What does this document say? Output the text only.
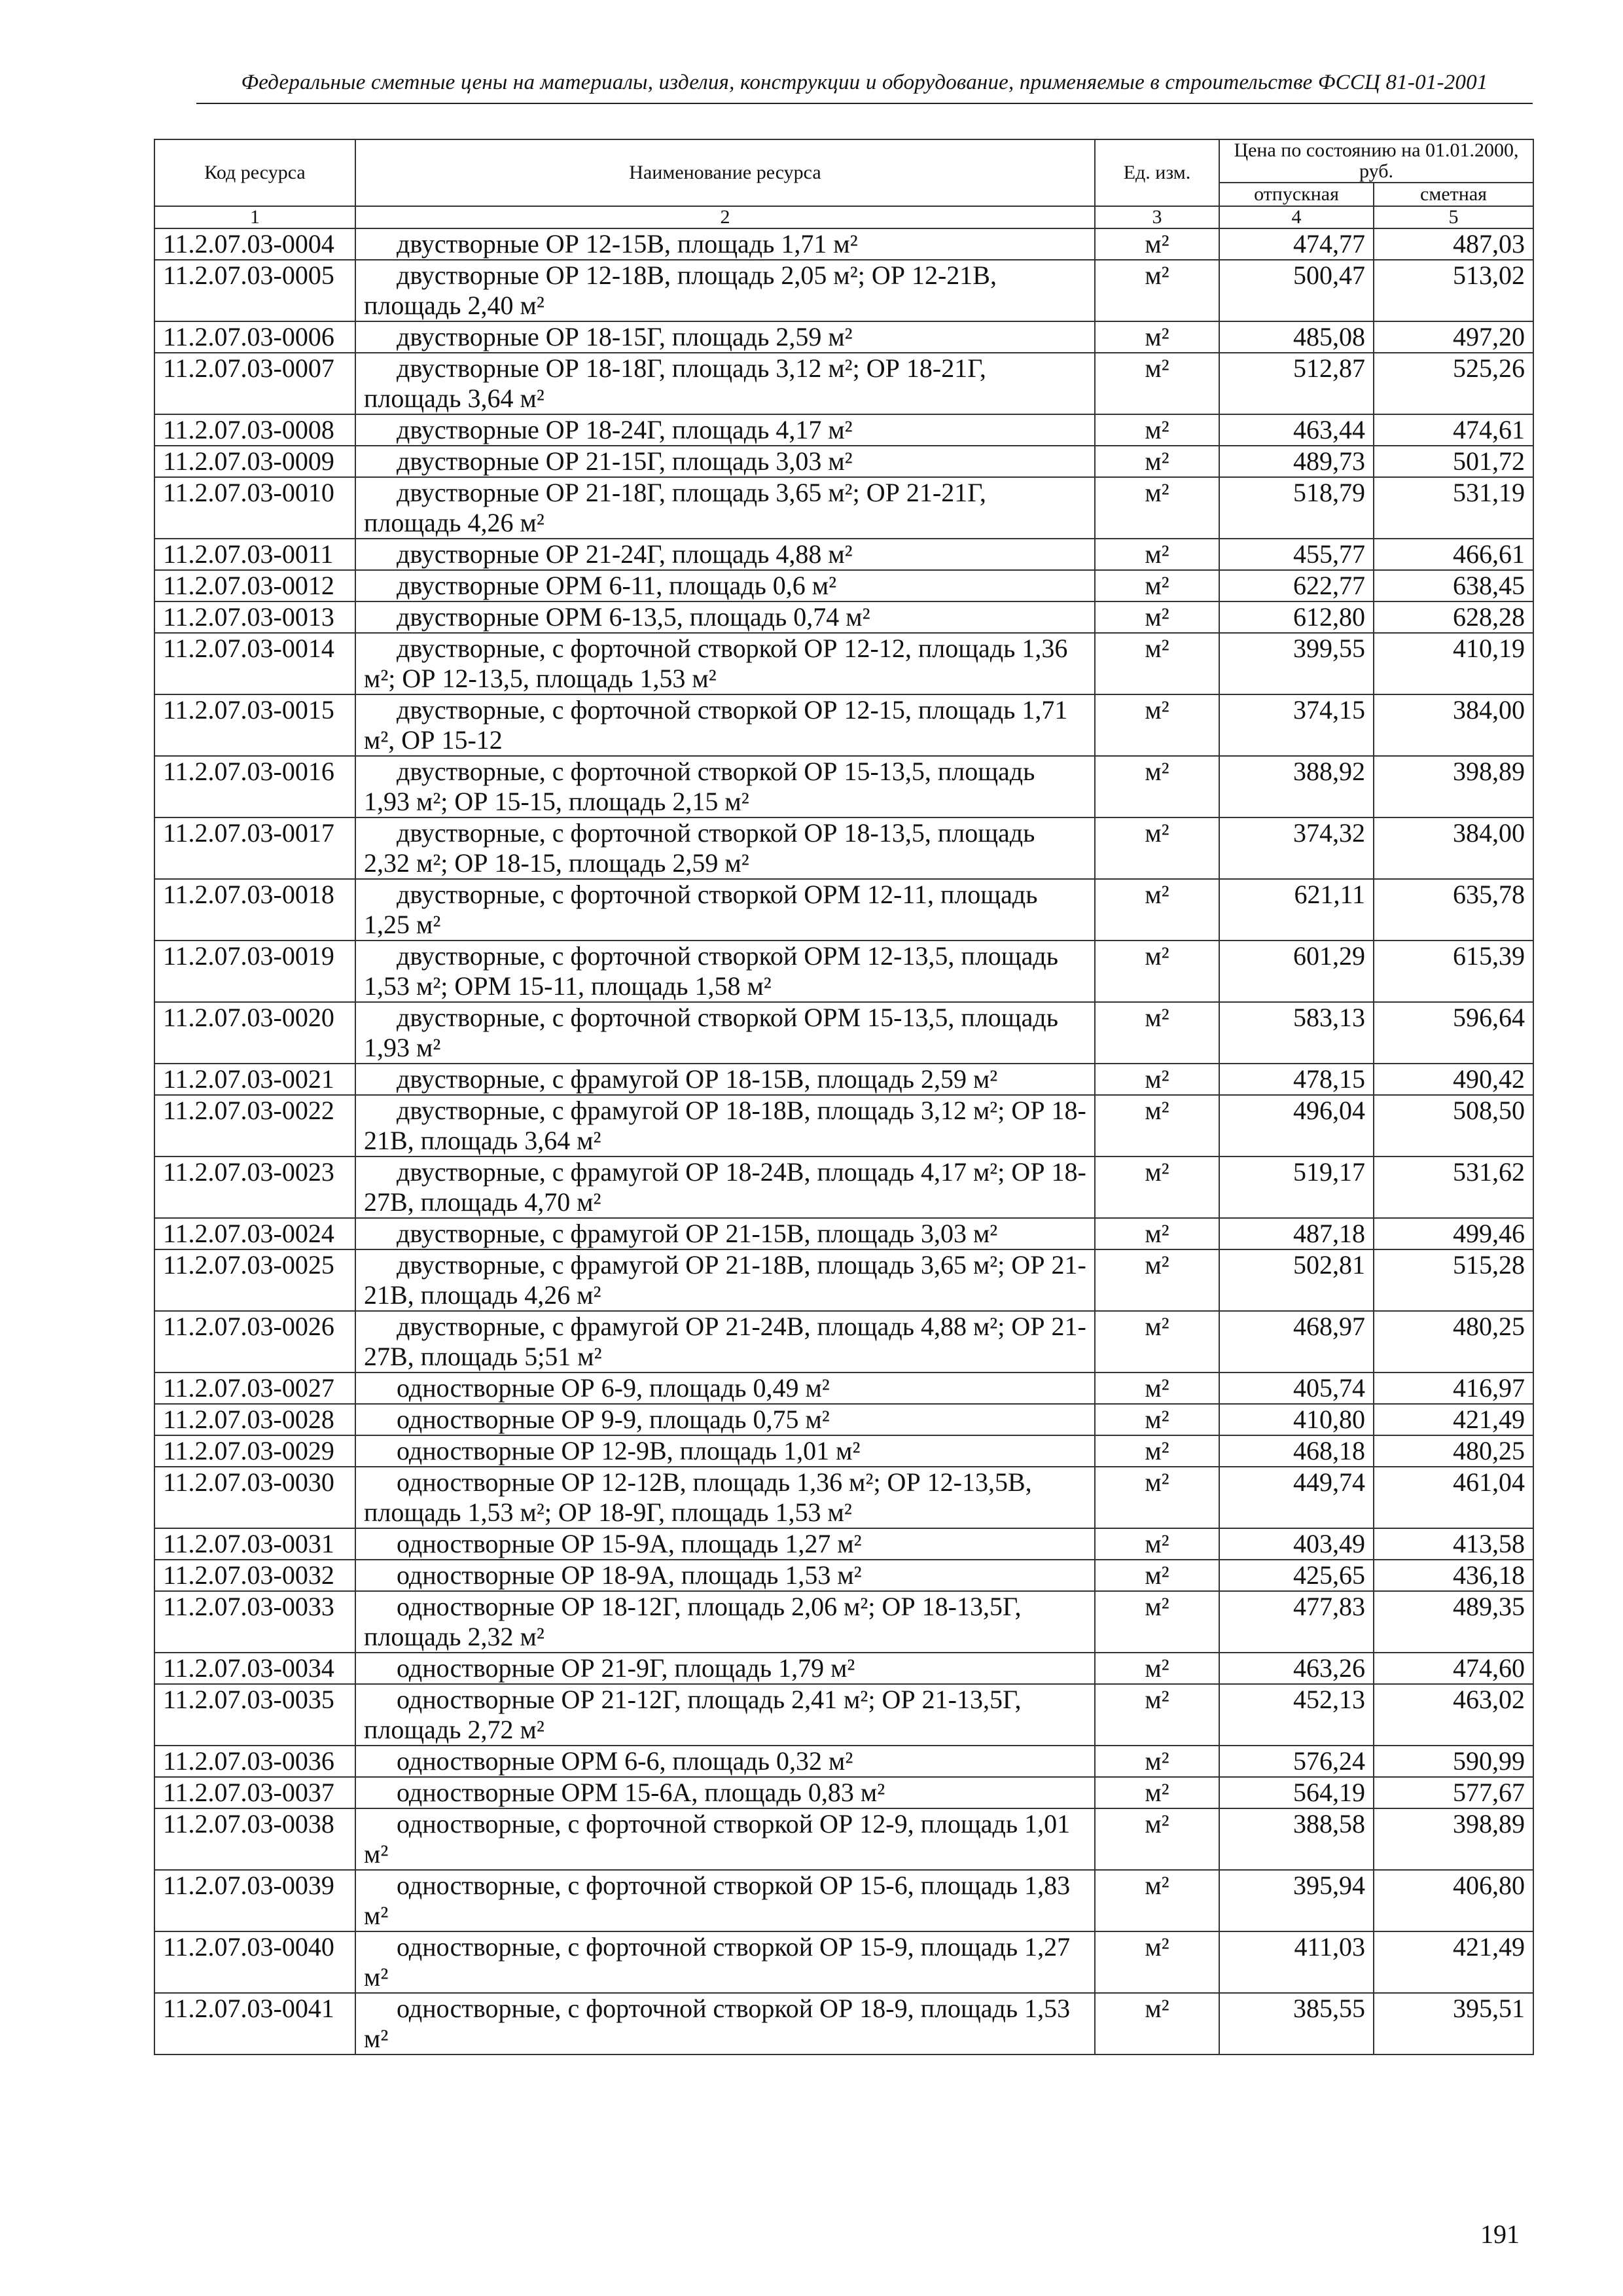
Федеральные сметные цены на материалы, изделия, конструкции и оборудование, применяемые в строительстве ФССЦ 81-01-2001
Код ресурса	Наименование ресурса	Ед. изм.	Цена по состоянию на 01.01.2000, руб.	
			отпускная	сметная
1	2	3	4	5
11.2.07.03-0004	двустворные ОР 12-15В, площадь 1,71 м²	м²	474,77	487,03
11.2.07.03-0005	двустворные ОР 12-18В, площадь 2,05 м²; ОР 12-21В, площадь 2,40 м²	м²	500,47	513,02
11.2.07.03-0006	двустворные ОР 18-15Г, площадь 2,59 м²	м²	485,08	497,20
11.2.07.03-0007	двустворные ОР 18-18Г, площадь 3,12 м²; ОР 18-21Г, площадь 3,64 м²	м²	512,87	525,26
11.2.07.03-0008	двустворные ОР 18-24Г, площадь 4,17 м²	м²	463,44	474,61
11.2.07.03-0009	двустворные ОР 21-15Г, площадь 3,03 м²	м²	489,73	501,72
11.2.07.03-0010	двустворные ОР 21-18Г, площадь 3,65 м²; ОР 21-21Г, площадь 4,26 м²	м²	518,79	531,19
11.2.07.03-0011	двустворные ОР 21-24Г, площадь 4,88 м²	м²	455,77	466,61
11.2.07.03-0012	двустворные ОРМ 6-11, площадь 0,6 м²	м²	622,77	638,45
11.2.07.03-0013	двустворные ОРМ 6-13,5, площадь 0,74 м²	м²	612,80	628,28
11.2.07.03-0014	двустворные, с форточной створкой ОР 12-12, площадь 1,36 м²; ОР 12-13,5, площадь 1,53 м²	м²	399,55	410,19
11.2.07.03-0015	двустворные, с форточной створкой ОР 12-15, площадь 1,71 м², ОР 15-12	м²	374,15	384,00
11.2.07.03-0016	двустворные, с форточной створкой ОР 15-13,5, площадь 1,93 м²; ОР 15-15, площадь 2,15 м²	м²	388,92	398,89
11.2.07.03-0017	двустворные, с форточной створкой ОР 18-13,5, площадь 2,32 м²; ОР 18-15, площадь 2,59 м²	м²	374,32	384,00
11.2.07.03-0018	двустворные, с форточной створкой ОРМ 12-11, площадь 1,25 м²	м²	621,11	635,78
11.2.07.03-0019	двустворные, с форточной створкой ОРМ 12-13,5, площадь 1,53 м²; ОРМ 15-11, площадь 1,58 м²	м²	601,29	615,39
11.2.07.03-0020	двустворные, с форточной створкой ОРМ 15-13,5, площадь 1,93 м²	м²	583,13	596,64
11.2.07.03-0021	двустворные, с фрамугой ОР 18-15В, площадь 2,59 м²	м²	478,15	490,42
11.2.07.03-0022	двустворные, с фрамугой ОР 18-18В, площадь 3,12 м²; ОР 18- 21В, площадь 3,64 м²	м²	496,04	508,50
11.2.07.03-0023	двустворные, с фрамугой ОР 18-24В, площадь 4,17 м²; ОР 18- 27В, площадь 4,70 м²	м²	519,17	531,62
11.2.07.03-0024	двустворные, с фрамугой ОР 21-15В, площадь 3,03 м²	м²	487,18	499,46
11.2.07.03-0025	двустворные, с фрамугой ОР 21-18В, площадь 3,65 м²; ОР 21- 21В, площадь 4,26 м²	м²	502,81	515,28
11.2.07.03-0026	двустворные, с фрамугой ОР 21-24В, площадь 4,88 м²; ОР 21- 27В, площадь 5;51 м²	м²	468,97	480,25
11.2.07.03-0027	одностворные ОР 6-9, площадь 0,49 м²	м²	405,74	416,97
11.2.07.03-0028	одностворные ОР 9-9, площадь 0,75 м²	м²	410,80	421,49
11.2.07.03-0029	одностворные ОР 12-9В, площадь 1,01 м²	м²	468,18	480,25
11.2.07.03-0030	одностворные ОР 12-12В, площадь 1,36 м²; ОР 12-13,5В, площадь 1,53 м²; ОР 18-9Г, площадь 1,53 м²	м²	449,74	461,04
11.2.07.03-0031	одностворные ОР 15-9А, площадь 1,27 м²	м²	403,49	413,58
11.2.07.03-0032	одностворные ОР 18-9А, площадь 1,53 м²	м²	425,65	436,18
11.2.07.03-0033	одностворные ОР 18-12Г, площадь 2,06 м²; ОР 18-13,5Г, площадь 2,32 м²	м²	477,83	489,35
11.2.07.03-0034	одностворные ОР 21-9Г, площадь 1,79 м²	м²	463,26	474,60
11.2.07.03-0035	одностворные ОР 21-12Г, площадь 2,41 м²; ОР 21-13,5Г, площадь 2,72 м²	м²	452,13	463,02
11.2.07.03-0036	одностворные ОРМ 6-6, площадь 0,32 м²	м²	576,24	590,99
11.2.07.03-0037	одностворные ОРМ 15-6А, площадь 0,83 м²	м²	564,19	577,67
11.2.07.03-0038	одностворные, с форточной створкой ОР 12-9, площадь 1,01 м²	м²	388,58	398,89
11.2.07.03-0039	одностворные, с форточной створкой ОР 15-6, площадь 1,83 м²	м²	395,94	406,80
11.2.07.03-0040	одностворные, с форточной створкой ОР 15-9, площадь 1,27 м²	м²	411,03	421,49
11.2.07.03-0041	одностворные, с форточной створкой ОР 18-9, площадь 1,53 м²	м²	385,55	395,51
191
